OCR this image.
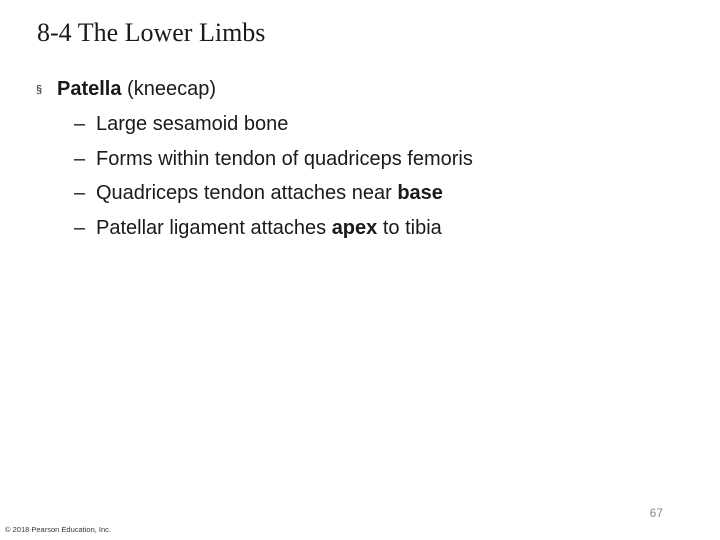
8-4 The Lower Limbs
§ Patella (kneecap)
– Large sesamoid bone
– Forms within tendon of quadriceps femoris
– Quadriceps tendon attaches near base
– Patellar ligament attaches apex to tibia
67
© 2018 Pearson Education, Inc.
